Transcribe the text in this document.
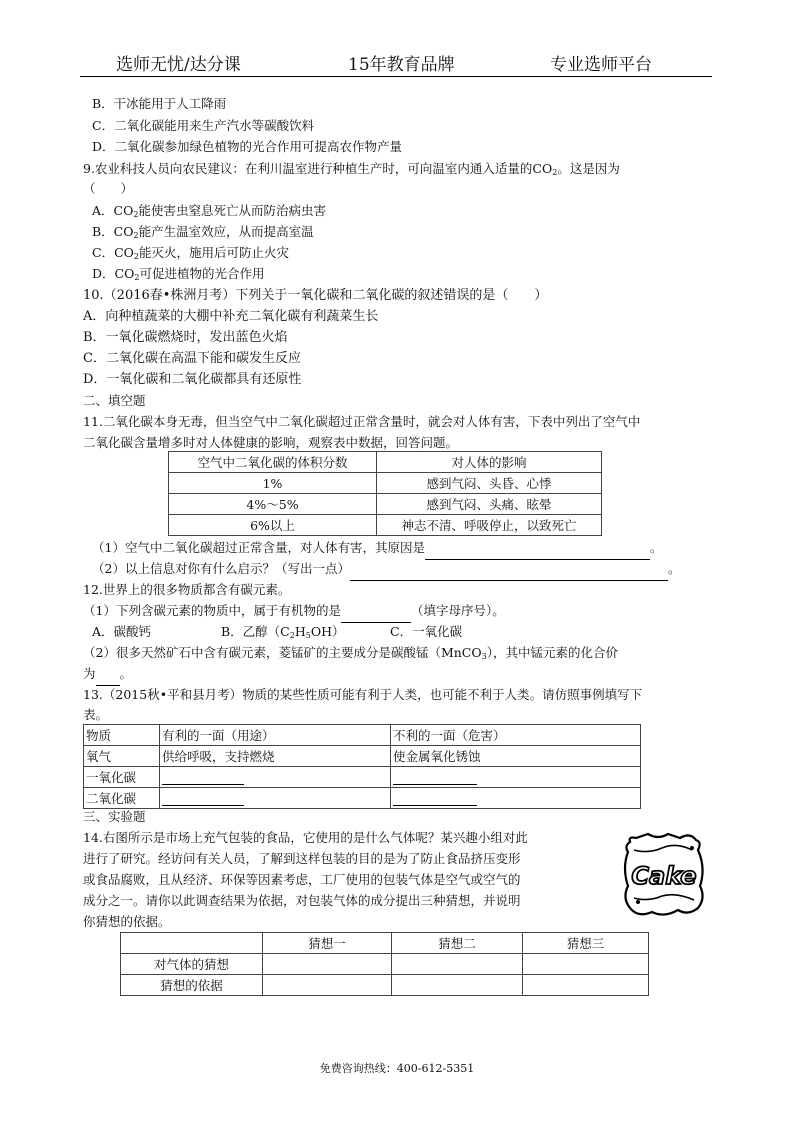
选师无忧/达分课	15年教育品牌	专业选师平台
B．干冰能用于人工降雨
C．二氧化碳能用来生产汽水等碳酸饮料
D．二氧化碳参加绿色植物的光合作用可提高农作物产量
9.农业科技人员向农民建议：在利川温室进行种植生产时，可向温室内通入适量的$CO_2$。这是因为
（　　）
A．$CO_2$能使害虫窒息死亡从而防治病虫害
B．$CO_2$能产生温室效应，从而提高室温
C．$CO_2$能灭火，施用后可防止火灾
D．$CO_2$可促进植物的光合作用
10.（2016春•株洲月考）下列关于一氧化碳和二氧化碳的叙述错误的是（　　）
A．向种植蔬菜的大棚中补充二氧化碳有利蔬菜生长
B．一氧化碳燃烧时，发出蓝色火焰
C．二氧化碳在高温下能和碳发生反应
D．一氧化碳和二氧化碳都具有还原性
二、填空题
11.二氧化碳本身无毒，但当空气中二氧化碳超过正常含量时，就会对人体有害，下表中列出了空气中
二氧化碳含量增多时对人体健康的影响，观察表中数据，回答问题。
空气中二氧化碳的体积分数	对人体的影响
1%	感到气闷、头昏、心悸
4%～5%	感到气闷、头痛、眩晕
6%以上	神志不清、呼吸停止，以致死亡
（1）空气中二氧化碳超过正常含量，对人体有害，其原因是	。
（2）以上信息对你有什么启示？（写出一点）	。
12.世界上的很多物质都含有碳元素。
（1）下列含碳元素的物质中，属于有机物的是	（填字母序号）。
A．碳酸钙	B．乙醇$(C_2H_5OH)$	C．一氧化碳
（2）很多天然矿石中含有碳元素，菱锰矿的主要成分是碳酸锰（MnCO$_3$），其中锰元素的化合价
为 。
13.（2015秋•平和县月考）物质的某些性质可能有利于人类，也可能不利于人类。请仿照事例填写下
表。
物质	有利的一面（用途）	不利的一面（危害）
氧气	供给呼吸，支持燃烧	使金属氧化锈蚀
一氧化碳		
二氧化碳		
三、实验题
14.右图所示是市场上充气包装的食品，它使用的是什么气体呢？某兴趣小组对此
进行了研究。经访问有关人员，了解到这样包装的目的是为了防止食品挤压变形
或食品腐败，且从经济、环保等因素考虑，工厂使用的包装气体是空气或空气的
成分之一。请你以此调查结果为依据，对包装气体的成分提出三种猜想，并说明
你猜想的依据。
Cake
	猜想一	猜想二	猜想三
对气体的猜想			
猜想的依据			
免费咨询热线：400-612-5351
